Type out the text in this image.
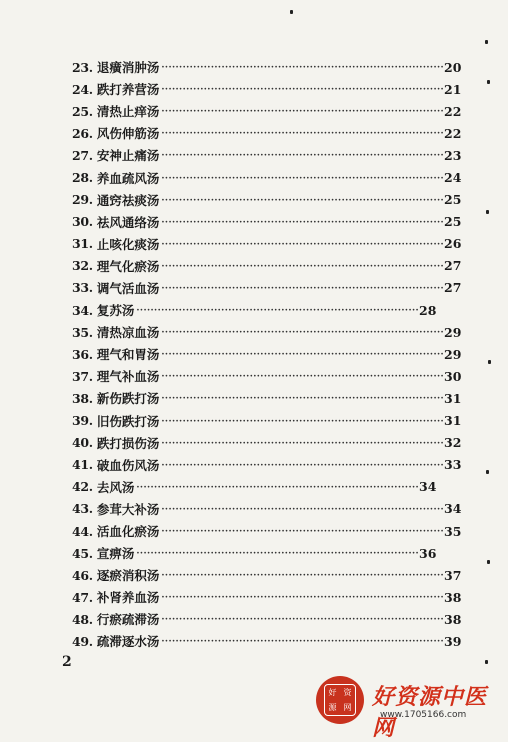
23. 退癀消肿汤 ················································································ 20
24. 跌打养营汤 ················································································ 21
25. 清热止痒汤 ················································································ 22
26. 风伤伸筋汤 ················································································ 22
27. 安神止痛汤 ················································································ 23
28. 养血疏风汤 ················································································ 24
29. 通窍祛痰汤 ················································································ 25
30. 祛风通络汤 ················································································ 25
31. 止咳化痰汤 ················································································ 26
32. 理气化瘀汤 ················································································ 27
33. 调气活血汤 ················································································ 27
34. 复苏汤 ················································································ 28
35. 清热凉血汤 ················································································ 29
36. 理气和胃汤 ················································································ 29
37. 理气补血汤 ················································································ 30
38. 新伤跌打汤 ················································································ 31
39. 旧伤跌打汤 ················································································ 31
40. 跌打损伤汤 ················································································ 32
41. 破血伤风汤 ················································································ 33
42. 去风汤 ················································································ 34
43. 参茸大补汤 ················································································ 34
44. 活血化瘀汤 ················································································ 35
45. 宣痹汤 ················································································ 36
46. 逐瘀消积汤 ················································································ 37
47. 补肾养血汤 ················································································ 38
48. 行瘀疏滞汤 ················································································ 38
49. 疏滞逐水汤 ················································································ 39
2
好 资
源 网 好资源中医网
www.1705166.com
